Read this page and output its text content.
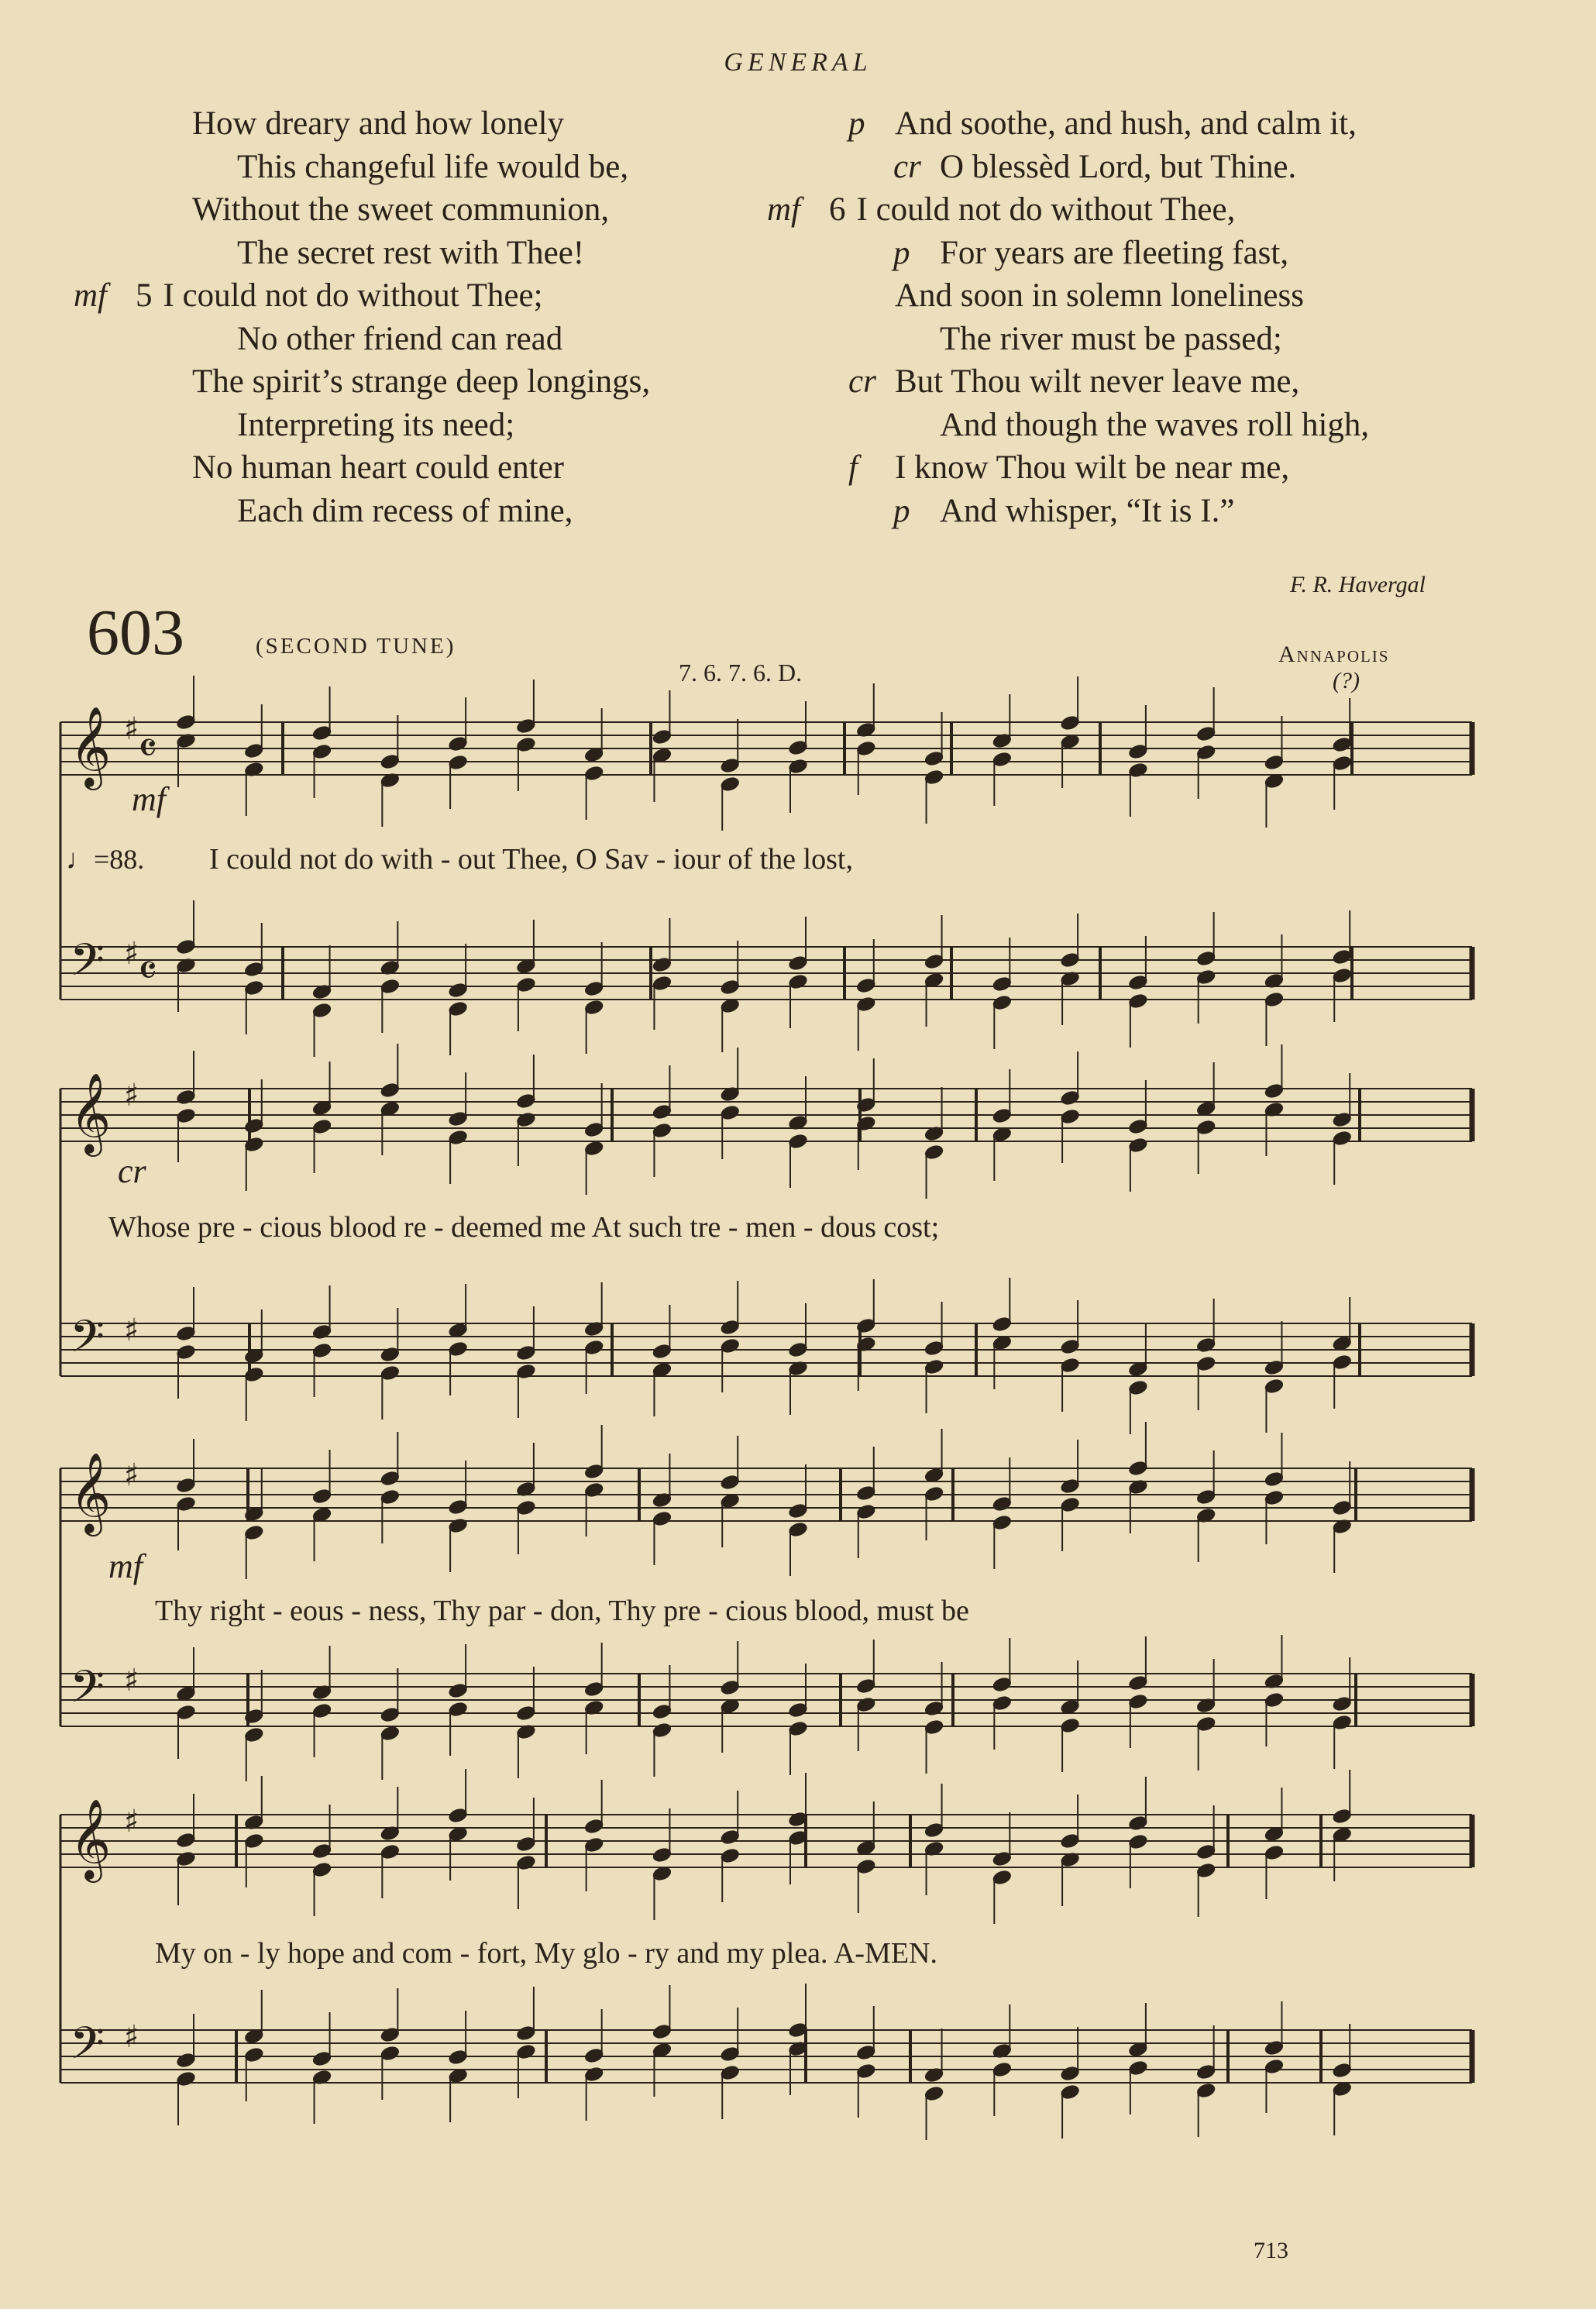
GENERAL
How dreary and how lonely
This changeful life would be,
Without the sweet communion,
The secret rest with Thee!
5 I could not do without Thee;
mf
No other friend can read
The spirit’s strange deep longings,
Interpreting its need;
No human heart could enter
Each dim recess of mine,
And soothe, and hush, and calm it,
p
O blessèd Lord, but Thine.
cr
6 I could not do without Thee,
mf
For years are fleeting fast,
p
And soon in solemn loneliness
The river must be passed;
But Thou wilt never leave me,
cr
And though the waves roll high,
I know Thou wilt be near me,
f
And whisper, “It is I.”
p
F. R. Havergal
603	(SECOND TUNE)
7. 6. 7. 6. D.
Annapolis
(?)
𝄞 ♯
𝄢 ♯
𝄞 ♯
𝄢 ♯
𝄞 ♯
𝄢 ♯
𝄞 ♯
𝄢 ♯
𝄴
𝄴
♩=88.
mf
I could not do with - out Thee, O Sav - iour of the lost,
cr
Whose pre - cious blood re - deemed me At such tre - men - dous cost;
mf
Thy right - eous - ness, Thy par - don, Thy pre - cious blood, must be
My on - ly hope and com - fort, My glo - ry and my plea. A-MEN.
713
